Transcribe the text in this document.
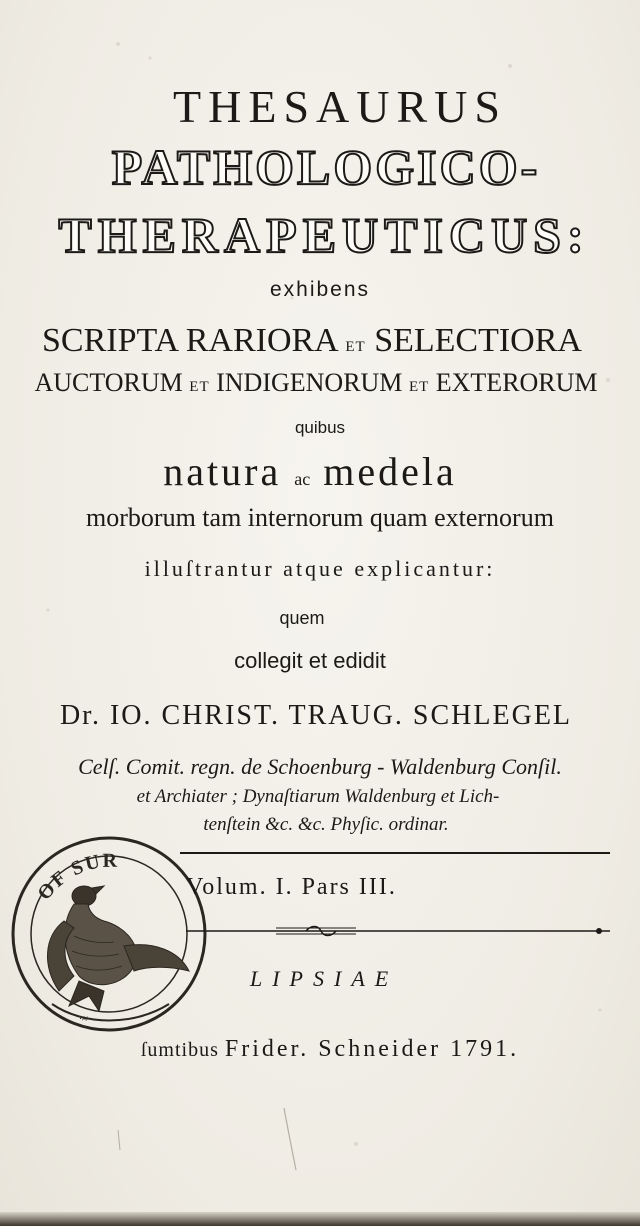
THESAURUS
PATHOLOGICO-
THERAPEUTICUS:
exhibens
SCRIPTA RARIORA ET SELECTIORA
AUCTORUM ET INDIGENORUM ET EXTERORUM
quibus
natura ac medela
morborum tam internorum quam externorum
illuſtrantur atque explicantur:
quem
collegit et edidit
Dr. IO. CHRIST. TRAUG. SCHLEGEL
Celſ. Comit. regn. de Schoenburg - Waldenburg Conſil.
et Archiater ; Dynaſtiarum Waldenburg et Lich-
tenſtein &c. &c. Phyſic. ordinar.
OF SUR
·≈·
Volum. I. Pars III.
LIPSIAE
ſumtibus Frider. Schneider 1791.
